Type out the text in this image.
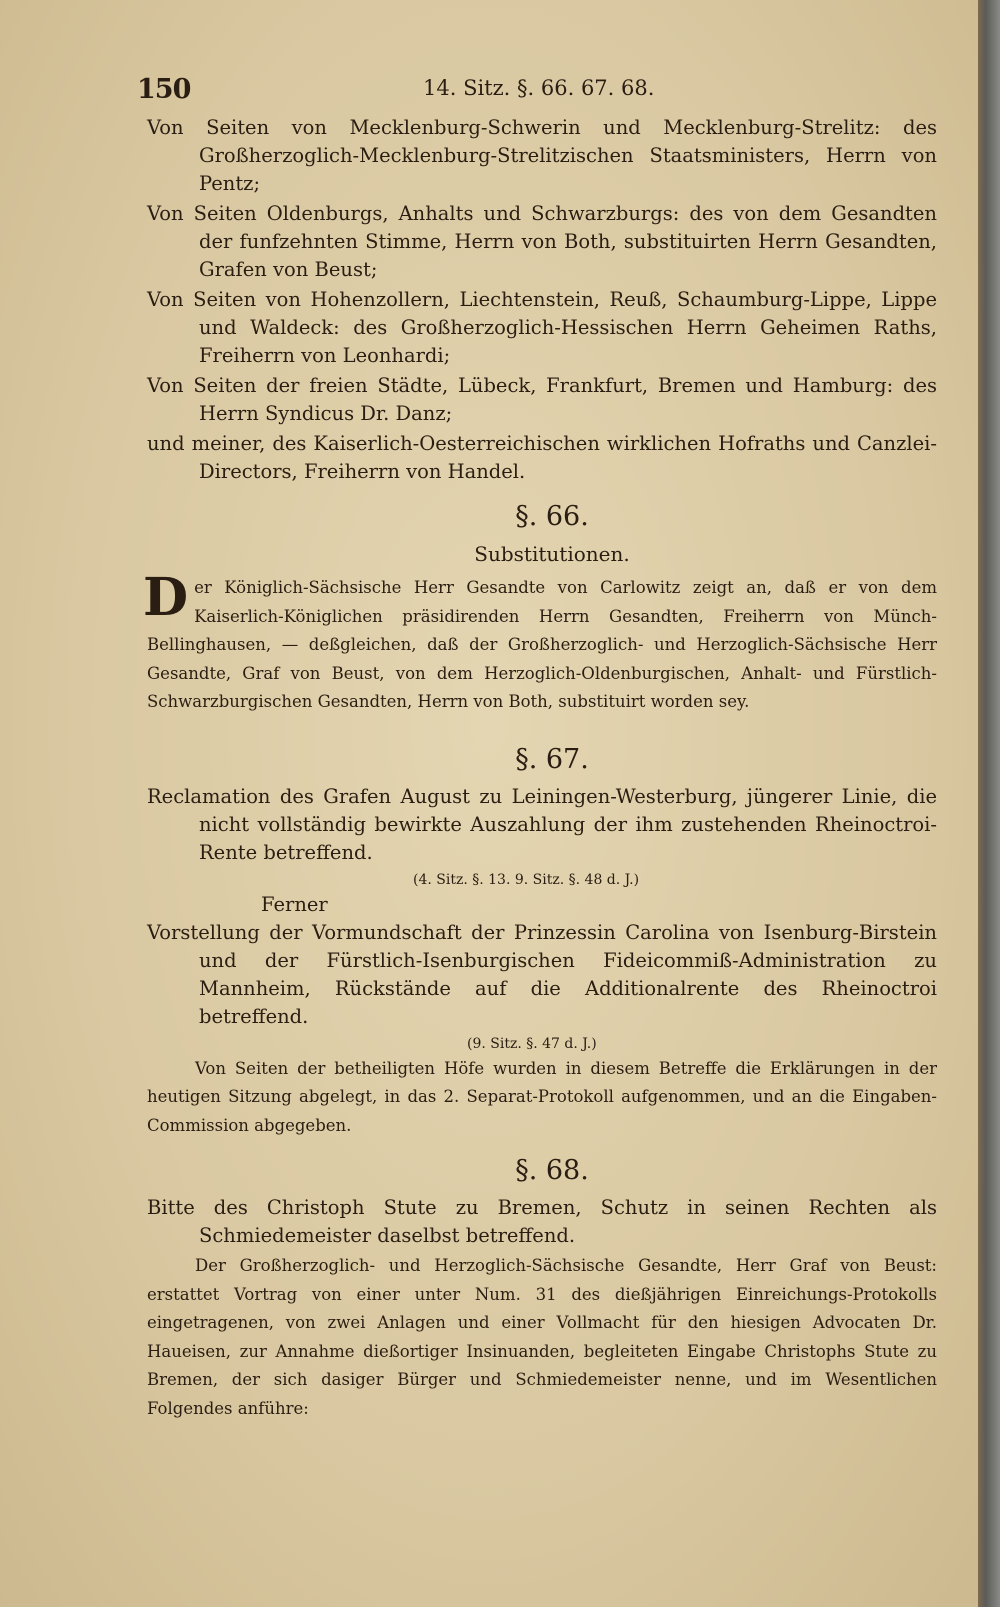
150	14. Sitz. §. 66. 67. 68.

Von Seiten von Mecklenburg-Schwerin und Mecklenburg-Strelitz: des Großherzoglich-Mecklenburg-Strelitzischen Staatsministers, Herrn von Pentz;

Von Seiten Oldenburgs, Anhalts und Schwarzburgs: des von dem Gesandten der funfzehnten Stimme, Herrn von Both, substituirten Herrn Gesandten, Grafen von Beust;

Von Seiten von Hohenzollern, Liechtenstein, Reuß, Schaumburg-Lippe, Lippe und Waldeck: des Großherzoglich-Hessischen Herrn Geheimen Raths, Freiherrn von Leonhardi;

Von Seiten der freien Städte, Lübeck, Frankfurt, Bremen und Hamburg: des Herrn Syndicus Dr. Danz;

und meiner, des Kaiserlich-Oesterreichischen wirklichen Hofraths und Canzlei-Directors, Freiherrn von Handel.

§. 66.
Substitutionen.

Der Königlich-Sächsische Herr Gesandte von Carlowitz zeigt an, daß er von dem Kaiserlich-Königlichen präsidirenden Herrn Gesandten, Freiherrn von Münch-Bellinghausen, — deßgleichen, daß der Großherzoglich- und Herzoglich-Sächsische Herr Gesandte, Graf von Beust, von dem Herzoglich-Oldenburgischen, Anhalt- und Fürstlich-Schwarzburgischen Gesandten, Herrn von Both, substituirt worden sey.

§. 67.

Reclamation des Grafen August zu Leiningen-Westerburg, jüngerer Linie, die nicht vollständig bewirkte Auszahlung der ihm zustehenden Rheinoctroi-Rente betreffend.

(4. Sitz. §. 13. 9. Sitz. §. 48 d. J.)

Ferner

Vorstellung der Vormundschaft der Prinzessin Carolina von Isenburg-Birstein und der Fürstlich-Isenburgischen Fideicommiß-Administration zu Mannheim, Rückstände auf die Additionalrente des Rheinoctroi betreffend.

(9. Sitz. §. 47 d. J.)

Von Seiten der betheiligten Höfe wurden in diesem Betreffe die Erklärungen in der heutigen Sitzung abgelegt, in das 2. Separat-Protokoll aufgenommen, und an die Eingaben-Commission abgegeben.

§. 68.

Bitte des Christoph Stute zu Bremen, Schutz in seinen Rechten als Schmiedemeister daselbst betreffend.

Der Großherzoglich- und Herzoglich-Sächsische Gesandte, Herr Graf von Beust: erstattet Vortrag von einer unter Num. 31 des dießjährigen Einreichungs-Protokolls eingetragenen, von zwei Anlagen und einer Vollmacht für den hiesigen Advocaten Dr. Haueisen, zur Annahme dießortiger Insinuanden, begleiteten Eingabe Christophs Stute zu Bremen, der sich dasiger Bürger und Schmiedemeister nenne, und im Wesentlichen Folgendes anführe:
